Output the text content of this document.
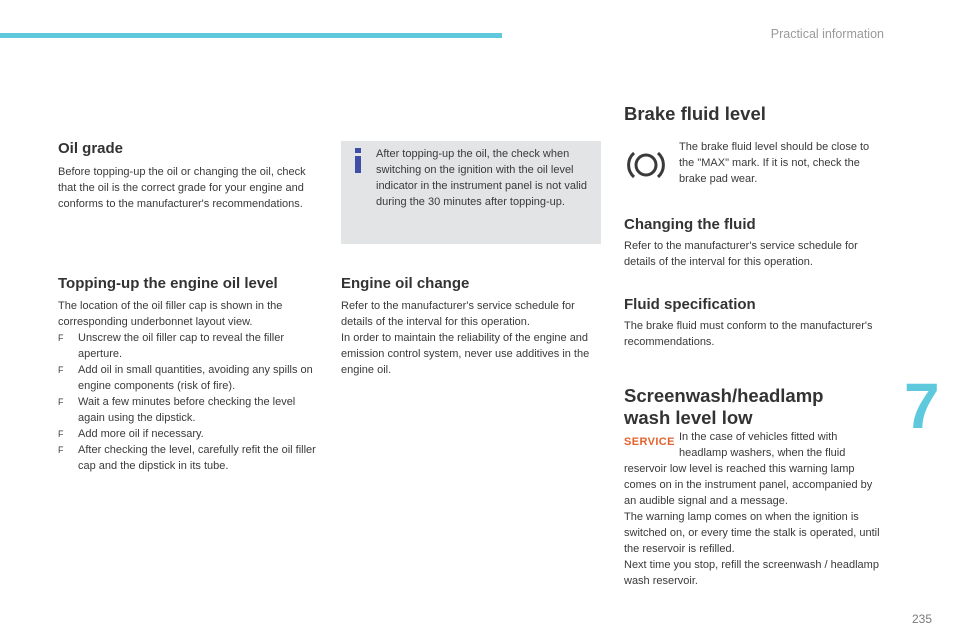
Practical information
Oil grade

Before topping-up the oil or changing the oil, check that the oil is the correct grade for your engine and conforms to the manufacturer's recommendations.

Topping-up the engine oil level
The location of the oil filler cap is shown in the corresponding underbonnet layout view.
F Unscrew the oil filler cap to reveal the filler aperture.
F Add oil in small quantities, avoiding any spills on engine components (risk of fire).
F Wait a few minutes before checking the level again using the dipstick.
F Add more oil if necessary.
F After checking the level, carefully refit the oil filler cap and the dipstick in its tube.

After topping-up the oil, the check when switching on the ignition with the oil level indicator in the instrument panel is not valid during the 30 minutes after topping-up.

Engine oil change
Refer to the manufacturer's service schedule for details of the interval for this operation.
In order to maintain the reliability of the engine and emission control system, never use additives in the engine oil.
Brake fluid level

The brake fluid level should be close to the "MAX" mark. If it is not, check the brake pad wear.

Changing the fluid

Refer to the manufacturer's service schedule for details of the interval for this operation.

Fluid specification

The brake fluid must conform to the manufacturer's recommendations.

Screenwash/headlamp
wash level low
SERVICE In the case of vehicles fitted with headlamp washers, when the fluid reservoir low level is reached this warning lamp comes on in the instrument panel, accompanied by an audible signal and a message.
The warning lamp comes on when the ignition is switched on, or every time the stalk is operated, until the reservoir is refilled.
Next time you stop, refill the screenwash / headlamp wash reservoir.
7
235
